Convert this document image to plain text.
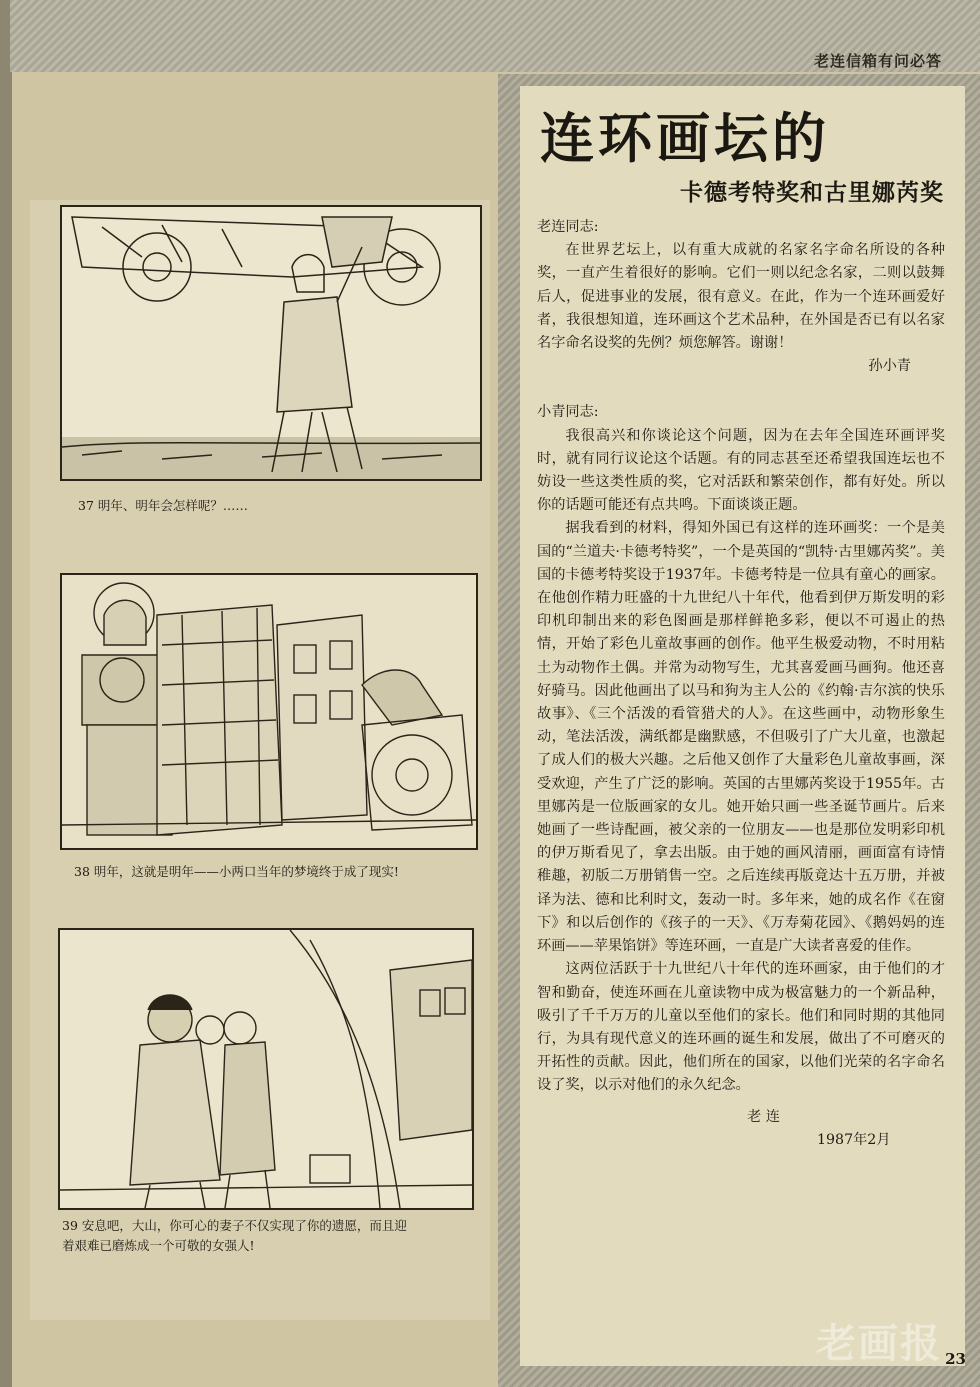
老连信箱有问必答
37 明年、明年会怎样呢？……
38 明年，这就是明年——小两口当年的梦境终于成了现实!
39 安息吧，大山，你可心的妻子不仅实现了你的遗愿，而且迎
着艰难已磨炼成一个可敬的女强人!
连环画坛的
卡德考特奖和古里娜芮奖

老连同志:

在世界艺坛上，以有重大成就的名家名字命名所设的各种奖，一直产生着很好的影响。它们一则以纪念名家，二则以鼓舞后人，促进事业的发展，很有意义。在此，作为一个连环画爱好者，我很想知道，连环画这个艺术品种，在外国是否已有以名家名字命名设奖的先例？烦您解答。谢谢！

孙小青

小青同志:

我很高兴和你谈论这个问题，因为在去年全国连环画评奖时，就有同行议论这个话题。有的同志甚至还希望我国连坛也不妨设一些这类性质的奖，它对活跃和繁荣创作，都有好处。所以你的话题可能还有点共鸣。下面谈谈正题。

据我看到的材料，得知外国已有这样的连环画奖：一个是美国的“兰道夫·卡德考特奖”，一个是英国的“凯特·古里娜芮奖”。美国的卡德考特奖设于1937年。卡德考特是一位具有童心的画家。在他创作精力旺盛的十九世纪八十年代，他看到伊万斯发明的彩印机印制出来的彩色图画是那样鲜艳多彩，便以不可遏止的热情，开始了彩色儿童故事画的创作。他平生极爱动物，不时用粘土为动物作土偶。并常为动物写生，尤其喜爱画马画狗。他还喜好骑马。因此他画出了以马和狗为主人公的《约翰·吉尔滨的快乐故事》、《三个活泼的看管猎犬的人》。在这些画中，动物形象生动，笔法活泼，满纸都是幽默感，不但吸引了广大儿童，也激起了成人们的极大兴趣。之后他又创作了大量彩色儿童故事画，深受欢迎，产生了广泛的影响。英国的古里娜芮奖设于1955年。古里娜芮是一位版画家的女儿。她开始只画一些圣诞节画片。后来她画了一些诗配画，被父亲的一位朋友——也是那位发明彩印机的伊万斯看见了，拿去出版。由于她的画风清丽，画面富有诗情稚趣，初版二万册销售一空。之后连续再版竟达十五万册，并被译为法、德和比利时文，轰动一时。多年来，她的成名作《在窗下》和以后创作的《孩子的一天》、《万寿菊花园》、《鹅妈妈的连环画——苹果馅饼》等连环画，一直是广大读者喜爱的佳作。

这两位活跃于十九世纪八十年代的连环画家，由于他们的才智和勤奋，使连环画在儿童读物中成为极富魅力的一个新品种，吸引了千千万万的儿童以至他们的家长。他们和同时期的其他同行，为具有现代意义的连环画的诞生和发展，做出了不可磨灭的开拓性的贡献。因此，他们所在的国家，以他们光荣的名字命名设了奖，以示对他们的永久纪念。

老 连

1987年2月

老画报 23
